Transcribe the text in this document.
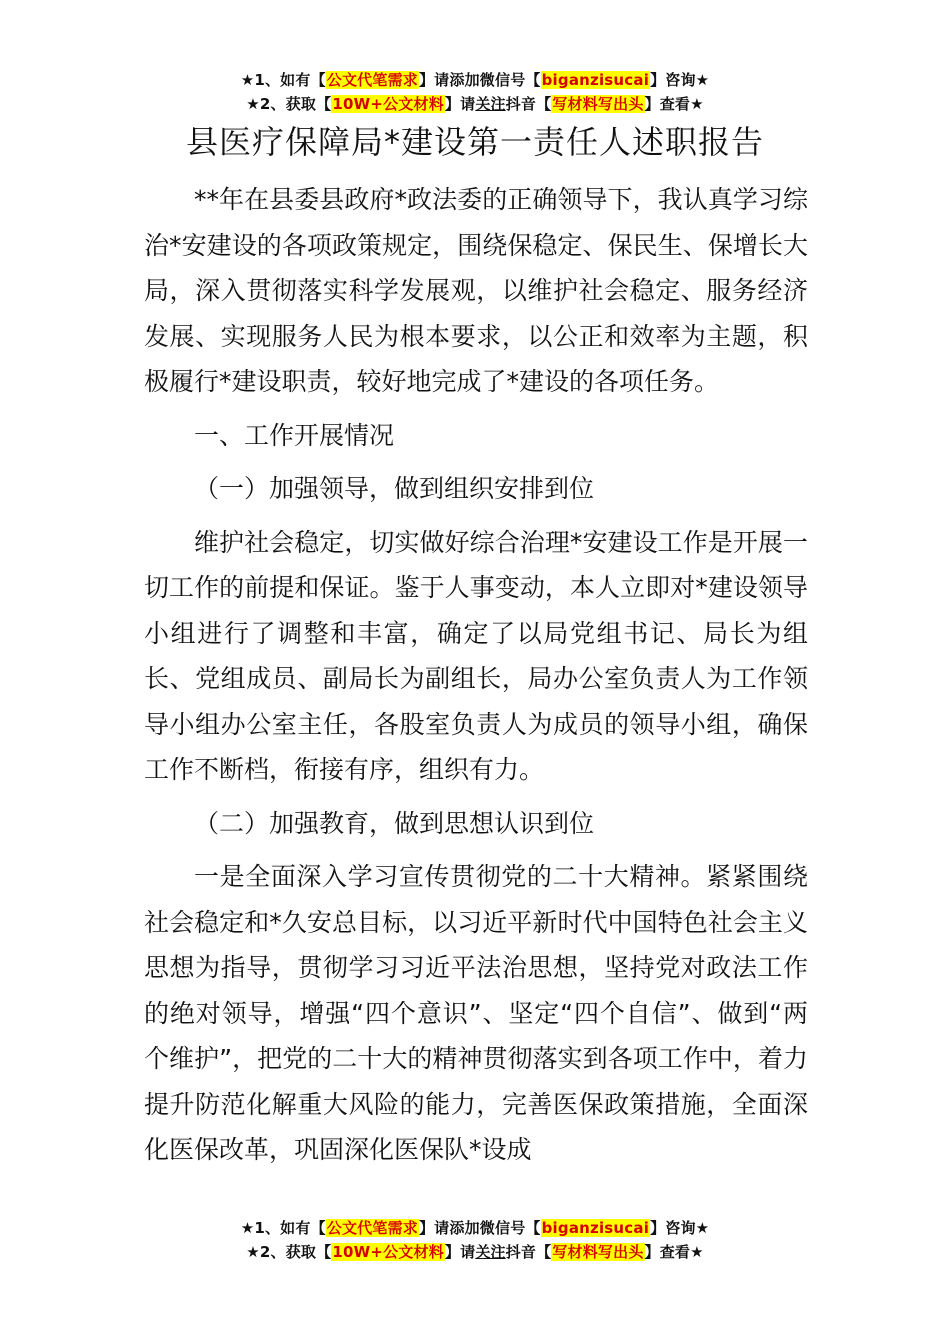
★1、如有【公文代笔需求】请添加微信号【biganzisucai】咨询★
★2、获取【10W+公文材料】请关注抖音【写材料写出头】查看★
县医疗保障局*建设第一责任人述职报告

**年在县委县政府*政法委的正确领导下，我认真学习综治*安建设的各项政策规定，围绕保稳定、保民生、保增长大局，深入贯彻落实科学发展观，以维护社会稳定、服务经济发展、实现服务人民为根本要求，以公正和效率为主题，积极履行*建设职责，较好地完成了*建设的各项任务。

一、工作开展情况

（一）加强领导，做到组织安排到位

维护社会稳定，切实做好综合治理*安建设工作是开展一切工作的前提和保证。鉴于人事变动，本人立即对*建设领导小组进行了调整和丰富，确定了以局党组书记、局长为组长、党组成员、副局长为副组长，局办公室负责人为工作领导小组办公室主任，各股室负责人为成员的领导小组，确保工作不断档，衔接有序，组织有力。

（二）加强教育，做到思想认识到位

一是全面深入学习宣传贯彻党的二十大精神。紧紧围绕社会稳定和*久安总目标，以习近平新时代中国特色社会主义思想为指导，贯彻学习习近平法治思想，坚持党对政法工作的绝对领导，增强“四个意识”、坚定“四个自信”、做到“两个维护”，把党的二十大的精神贯彻落实到各项工作中，着力提升防范化解重大风险的能力，完善医保政策措施，全面深化医保改革，巩固深化医保队*设成

★1、如有【公文代笔需求】请添加微信号【biganzisucai】咨询★
★2、获取【10W+公文材料】请关注抖音【写材料写出头】查看★
